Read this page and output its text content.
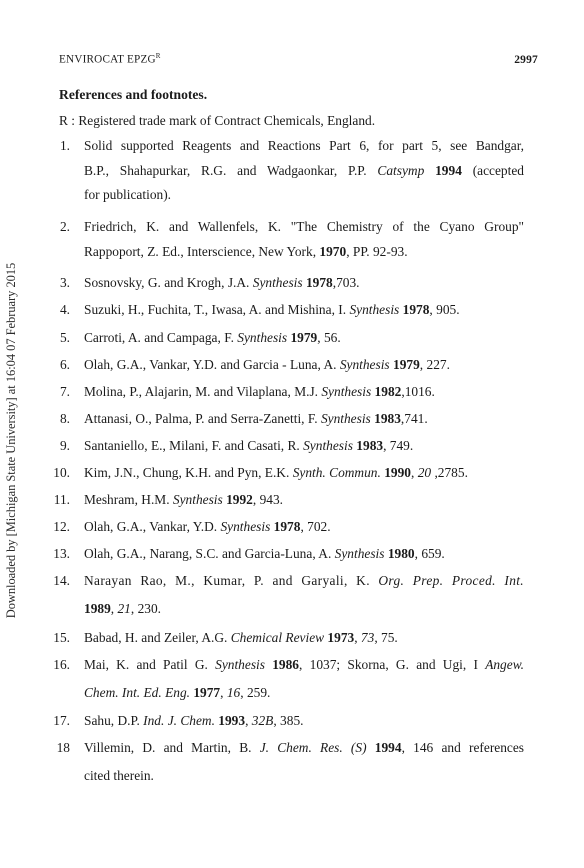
Downloaded by [Michigan State University] at 16:04 07 February 2015
ENVIROCAT $EPZG^R$	2997
References and footnotes.
R : Registered trade mark of Contract Chemicals, England.
1. Solid supported Reagents and Reactions Part 6, for part 5, see Bandgar,
B.P., Shahapurkar, R.G. and Wadgaonkar, P.P. Catsymp 1994 (accepted
for publication).
2. Friedrich, K. and Wallenfels, K. "The Chemistry of the Cyano Group"
Rappoport, Z. Ed., Interscience, New York, 1970, PP. 92-93.
3. Sosnovsky, G. and Krogh, J.A. Synthesis 1978,703.
4. Suzuki, H., Fuchita, T., Iwasa, A. and Mishina, I. Synthesis 1978, 905.
5. Carroti, A. and Campaga, F. Synthesis 1979, 56.
6. Olah, G.A., Vankar, Y.D. and Garcia - Luna, A. Synthesis 1979, 227.
7. Molina, P., Alajarin, M. and Vilaplana, M.J. Synthesis 1982,1016.
8. Attanasi, O., Palma, P. and Serra-Zanetti, F. Synthesis 1983,741.
9. Santaniello, E., Milani, F. and Casati, R. Synthesis 1983, 749.
10. Kim, J.N., Chung, K.H. and Pyn, E.K. Synth. Commun. 1990, 20 ,2785.
11. Meshram, H.M. Synthesis 1992, 943.
12. Olah, G.A., Vankar, Y.D. Synthesis 1978, 702.
13. Olah, G.A., Narang, S.C. and Garcia-Luna, A. Synthesis 1980, 659.
14. Narayan Rao, M., Kumar, P. and Garyali, K. Org. Prep. Proced. Int.
1989, 21, 230.
15. Babad, H. and Zeiler, A.G. Chemical Review 1973, 73, 75.
16. Mai, K. and Patil G. Synthesis 1986, 1037; Skorna, G. and Ugi, I Angew.
Chem. Int. Ed. Eng. 1977, 16, 259.
17. Sahu, D.P. Ind. J. Chem. 1993, 32B, 385.
18 Villemin, D. and Martin, B. J. Chem. Res. (S) 1994, 146 and references
cited therein.
